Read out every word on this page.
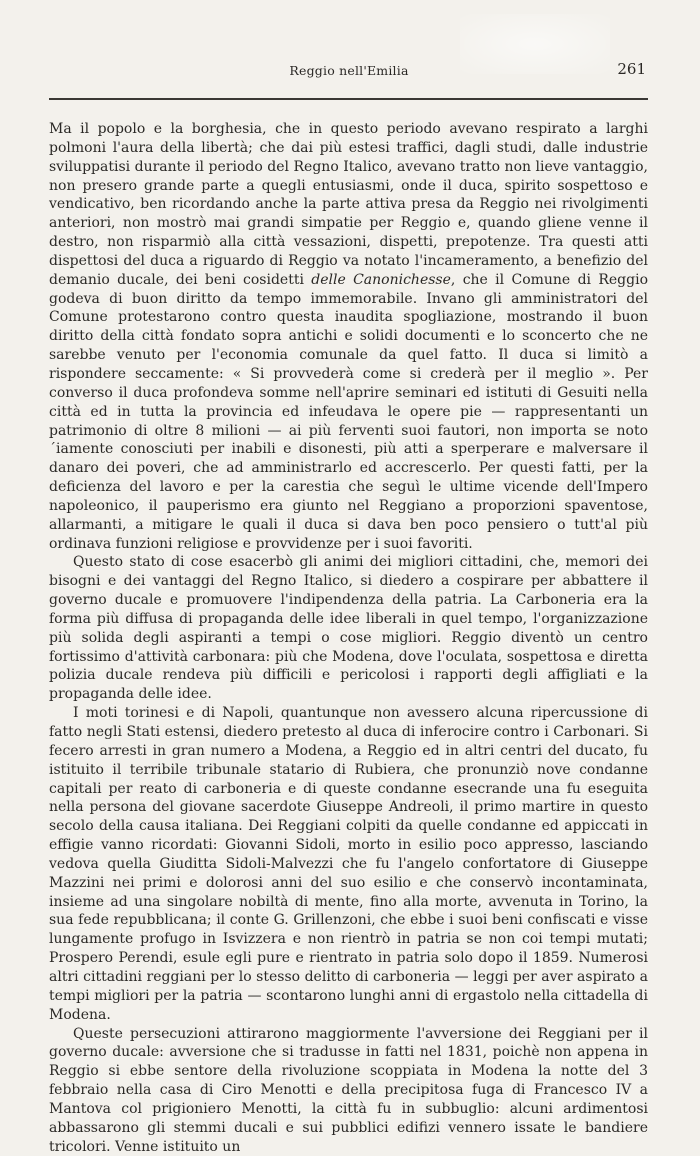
Reggio nell'Emilia	261

Ma il popolo e la borghesia, che in questo periodo avevano respirato a larghi polmoni l'aura della libertà; che dai più estesi traffici, dagli studi, dalle industrie sviluppatisi durante il periodo del Regno Italico, avevano tratto non lieve vantaggio, non presero grande parte a quegli entusiasmi, onde il duca, spirito sospettoso e vendicativo, ben ricordando anche la parte attiva presa da Reggio nei rivolgimenti anteriori, non mostrò mai grandi simpatie per Reggio e, quando gliene venne il destro, non risparmiò alla città vessazioni, dispetti, prepotenze. Tra questi atti dispettosi del duca a riguardo di Reggio va notato l'incameramento, a benefizio del demanio ducale, dei beni cosidetti delle Canonichesse, che il Comune di Reggio godeva di buon diritto da tempo immemorabile. Invano gli amministratori del Comune protestarono contro questa inaudita spogliazione, mostrando il buon diritto della città fondato sopra antichi e solidi documenti e lo sconcerto che ne sarebbe venuto per l'economia comunale da quel fatto. Il duca si limitò a rispondere seccamente: « Si provvederà come si crederà per il meglio ». Per converso il duca profondeva somme nell'aprire seminari ed istituti di Gesuiti nella città ed in tutta la provincia ed infeudava le opere pie — rappresentanti un patrimonio di oltre 8 milioni — ai più ferventi suoi fautori, non importa se noto´iamente conosciuti per inabili e disonesti, più atti a sperperare e malversare il danaro dei poveri, che ad amministrarlo ed accrescerlo. Per questi fatti, per la deficienza del lavoro e per la carestia che seguì le ultime vicende dell'Impero napoleonico, il pauperismo era giunto nel Reggiano a proporzioni spaventose, allarmanti, a mitigare le quali il duca si dava ben poco pensiero o tutt'al più ordinava funzioni religiose e provvidenze per i suoi favoriti.

Questo stato di cose esacerbò gli animi dei migliori cittadini, che, memori dei bisogni e dei vantaggi del Regno Italico, si diedero a cospirare per abbattere il governo ducale e promuovere l'indipendenza della patria. La Carboneria era la forma più diffusa di propaganda delle idee liberali in quel tempo, l'organizzazione più solida degli aspiranti a tempi o cose migliori. Reggio diventò un centro fortissimo d'attività carbonara: più che Modena, dove l'oculata, sospettosa e diretta polizia ducale rendeva più difficili e pericolosi i rapporti degli affigliati e la propaganda delle idee.

I moti torinesi e di Napoli, quantunque non avessero alcuna ripercussione di fatto negli Stati estensi, diedero pretesto al duca di inferocire contro i Carbonari. Si fecero arresti in gran numero a Modena, a Reggio ed in altri centri del ducato, fu istituito il terribile tribunale statario di Rubiera, che pronunziò nove condanne capitali per reato di carboneria e di queste condanne esecrande una fu eseguita nella persona del giovane sacerdote Giuseppe Andreoli, il primo martire in questo secolo della causa italiana. Dei Reggiani colpiti da quelle condanne ed appiccati in effigie vanno ricordati: Giovanni Sidoli, morto in esilio poco appresso, lasciando vedova quella Giuditta Sidoli-Malvezzi che fu l'angelo confortatore di Giuseppe Mazzini nei primi e dolorosi anni del suo esilio e che conservò incontaminata, insieme ad una singolare nobiltà di mente, fino alla morte, avvenuta in Torino, la sua fede repubblicana; il conte G. Grillenzoni, che ebbe i suoi beni confiscati e visse lungamente profugo in Isvizzera e non rientrò in patria se non coi tempi mutati; Prospero Perendi, esule egli pure e rientrato in patria solo dopo il 1859. Numerosi altri cittadini reggiani per lo stesso delitto di carboneria — leggi per aver aspirato a tempi migliori per la patria — scontarono lunghi anni di ergastolo nella cittadella di Modena.

Queste persecuzioni attirarono maggiormente l'avversione dei Reggiani per il governo ducale: avversione che si tradusse in fatti nel 1831, poichè non appena in Reggio si ebbe sentore della rivoluzione scoppiata in Modena la notte del 3 febbraio nella casa di Ciro Menotti e della precipitosa fuga di Francesco IV a Mantova col prigioniero Menotti, la città fu in subbuglio: alcuni ardimentosi abbassarono gli stemmi ducali e sui pubblici edifizi vennero issate le bandiere tricolori. Venne istituito un
